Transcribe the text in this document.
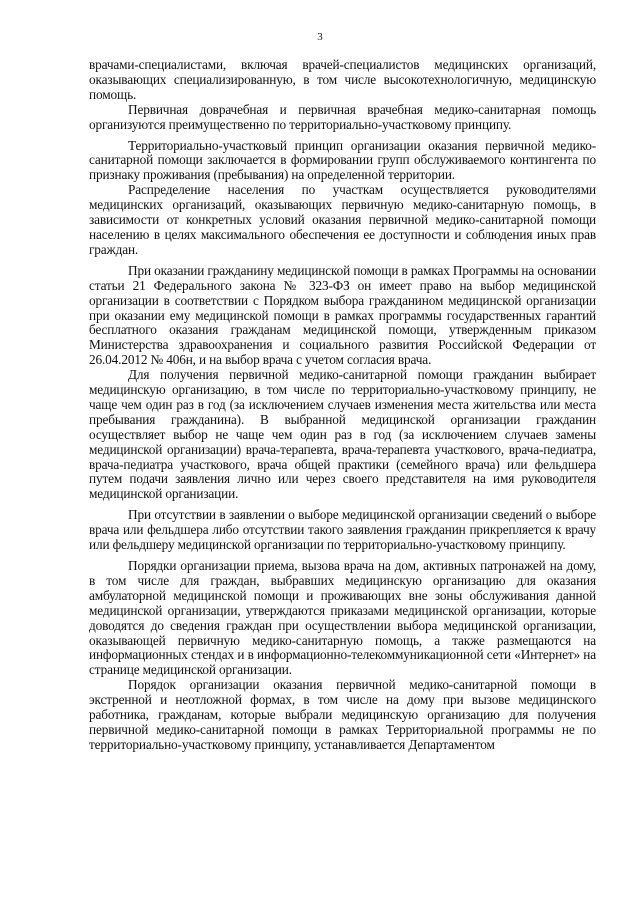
3

врачами-специалистами, включая врачей-специалистов медицинских организаций, оказывающих специализированную, в том числе высокотехнологичную, медицинскую помощь.

Первичная доврачебная и первичная врачебная медико-санитарная помощь организуются преимущественно по территориально-участковому принципу.

Территориально-участковый принцип организации оказания первичной медико-санитарной помощи заключается в формировании групп обслуживаемого контингента по признаку проживания (пребывания) на определенной территории.

Распределение населения по участкам осуществляется руководителями медицинских организаций, оказывающих первичную медико-санитарную помощь, в зависимости от конкретных условий оказания первичной медико-санитарной помощи населению в целях максимального обеспечения ее доступности и соблюдения иных прав граждан.

При оказании гражданину медицинской помощи в рамках Программы на основании статьи 21 Федерального закона № 323-ФЗ он имеет право на выбор медицинской организации в соответствии с Порядком выбора гражданином медицинской организации при оказании ему медицинской помощи в рамках программы государственных гарантий бесплатного оказания гражданам медицинской помощи, утвержденным приказом Министерства здравоохранения и социального развития Российской Федерации от 26.04.2012 № 406н, и на выбор врача с учетом согласия врача.

Для получения первичной медико-санитарной помощи гражданин выбирает медицинскую организацию, в том числе по территориально-участковому принципу, не чаще чем один раз в год (за исключением случаев изменения места жительства или места пребывания гражданина). В выбранной медицинской организации гражданин осуществляет выбор не чаще чем один раз в год (за исключением случаев замены медицинской организации) врача-терапевта, врача-терапевта участкового, врача-педиатра, врача-педиатра участкового, врача общей практики (семейного врача) или фельдшера путем подачи заявления лично или через своего представителя на имя руководителя медицинской организации.

При отсутствии в заявлении о выборе медицинской организации сведений о выборе врача или фельдшера либо отсутствии такого заявления гражданин прикрепляется к врачу или фельдшеру медицинской организации по территориально-участковому принципу.

Порядки организации приема, вызова врача на дом, активных патронажей на дому, в том числе для граждан, выбравших медицинскую организацию для оказания амбулаторной медицинской помощи и проживающих вне зоны обслуживания данной медицинской организации, утверждаются приказами медицинской организации, которые доводятся до сведения граждан при осуществлении выбора медицинской организации, оказывающей первичную медико-санитарную помощь, а также размещаются на информационных стендах и в информационно-телекоммуникационной сети «Интернет» на странице медицинской организации.

Порядок организации оказания первичной медико-санитарной помощи в экстренной и неотложной формах, в том числе на дому при вызове медицинского работника, гражданам, которые выбрали медицинскую организацию для получения первичной медико-санитарной помощи в рамках Территориальной программы не по территориально-участковому принципу, устанавливается Департаментом
